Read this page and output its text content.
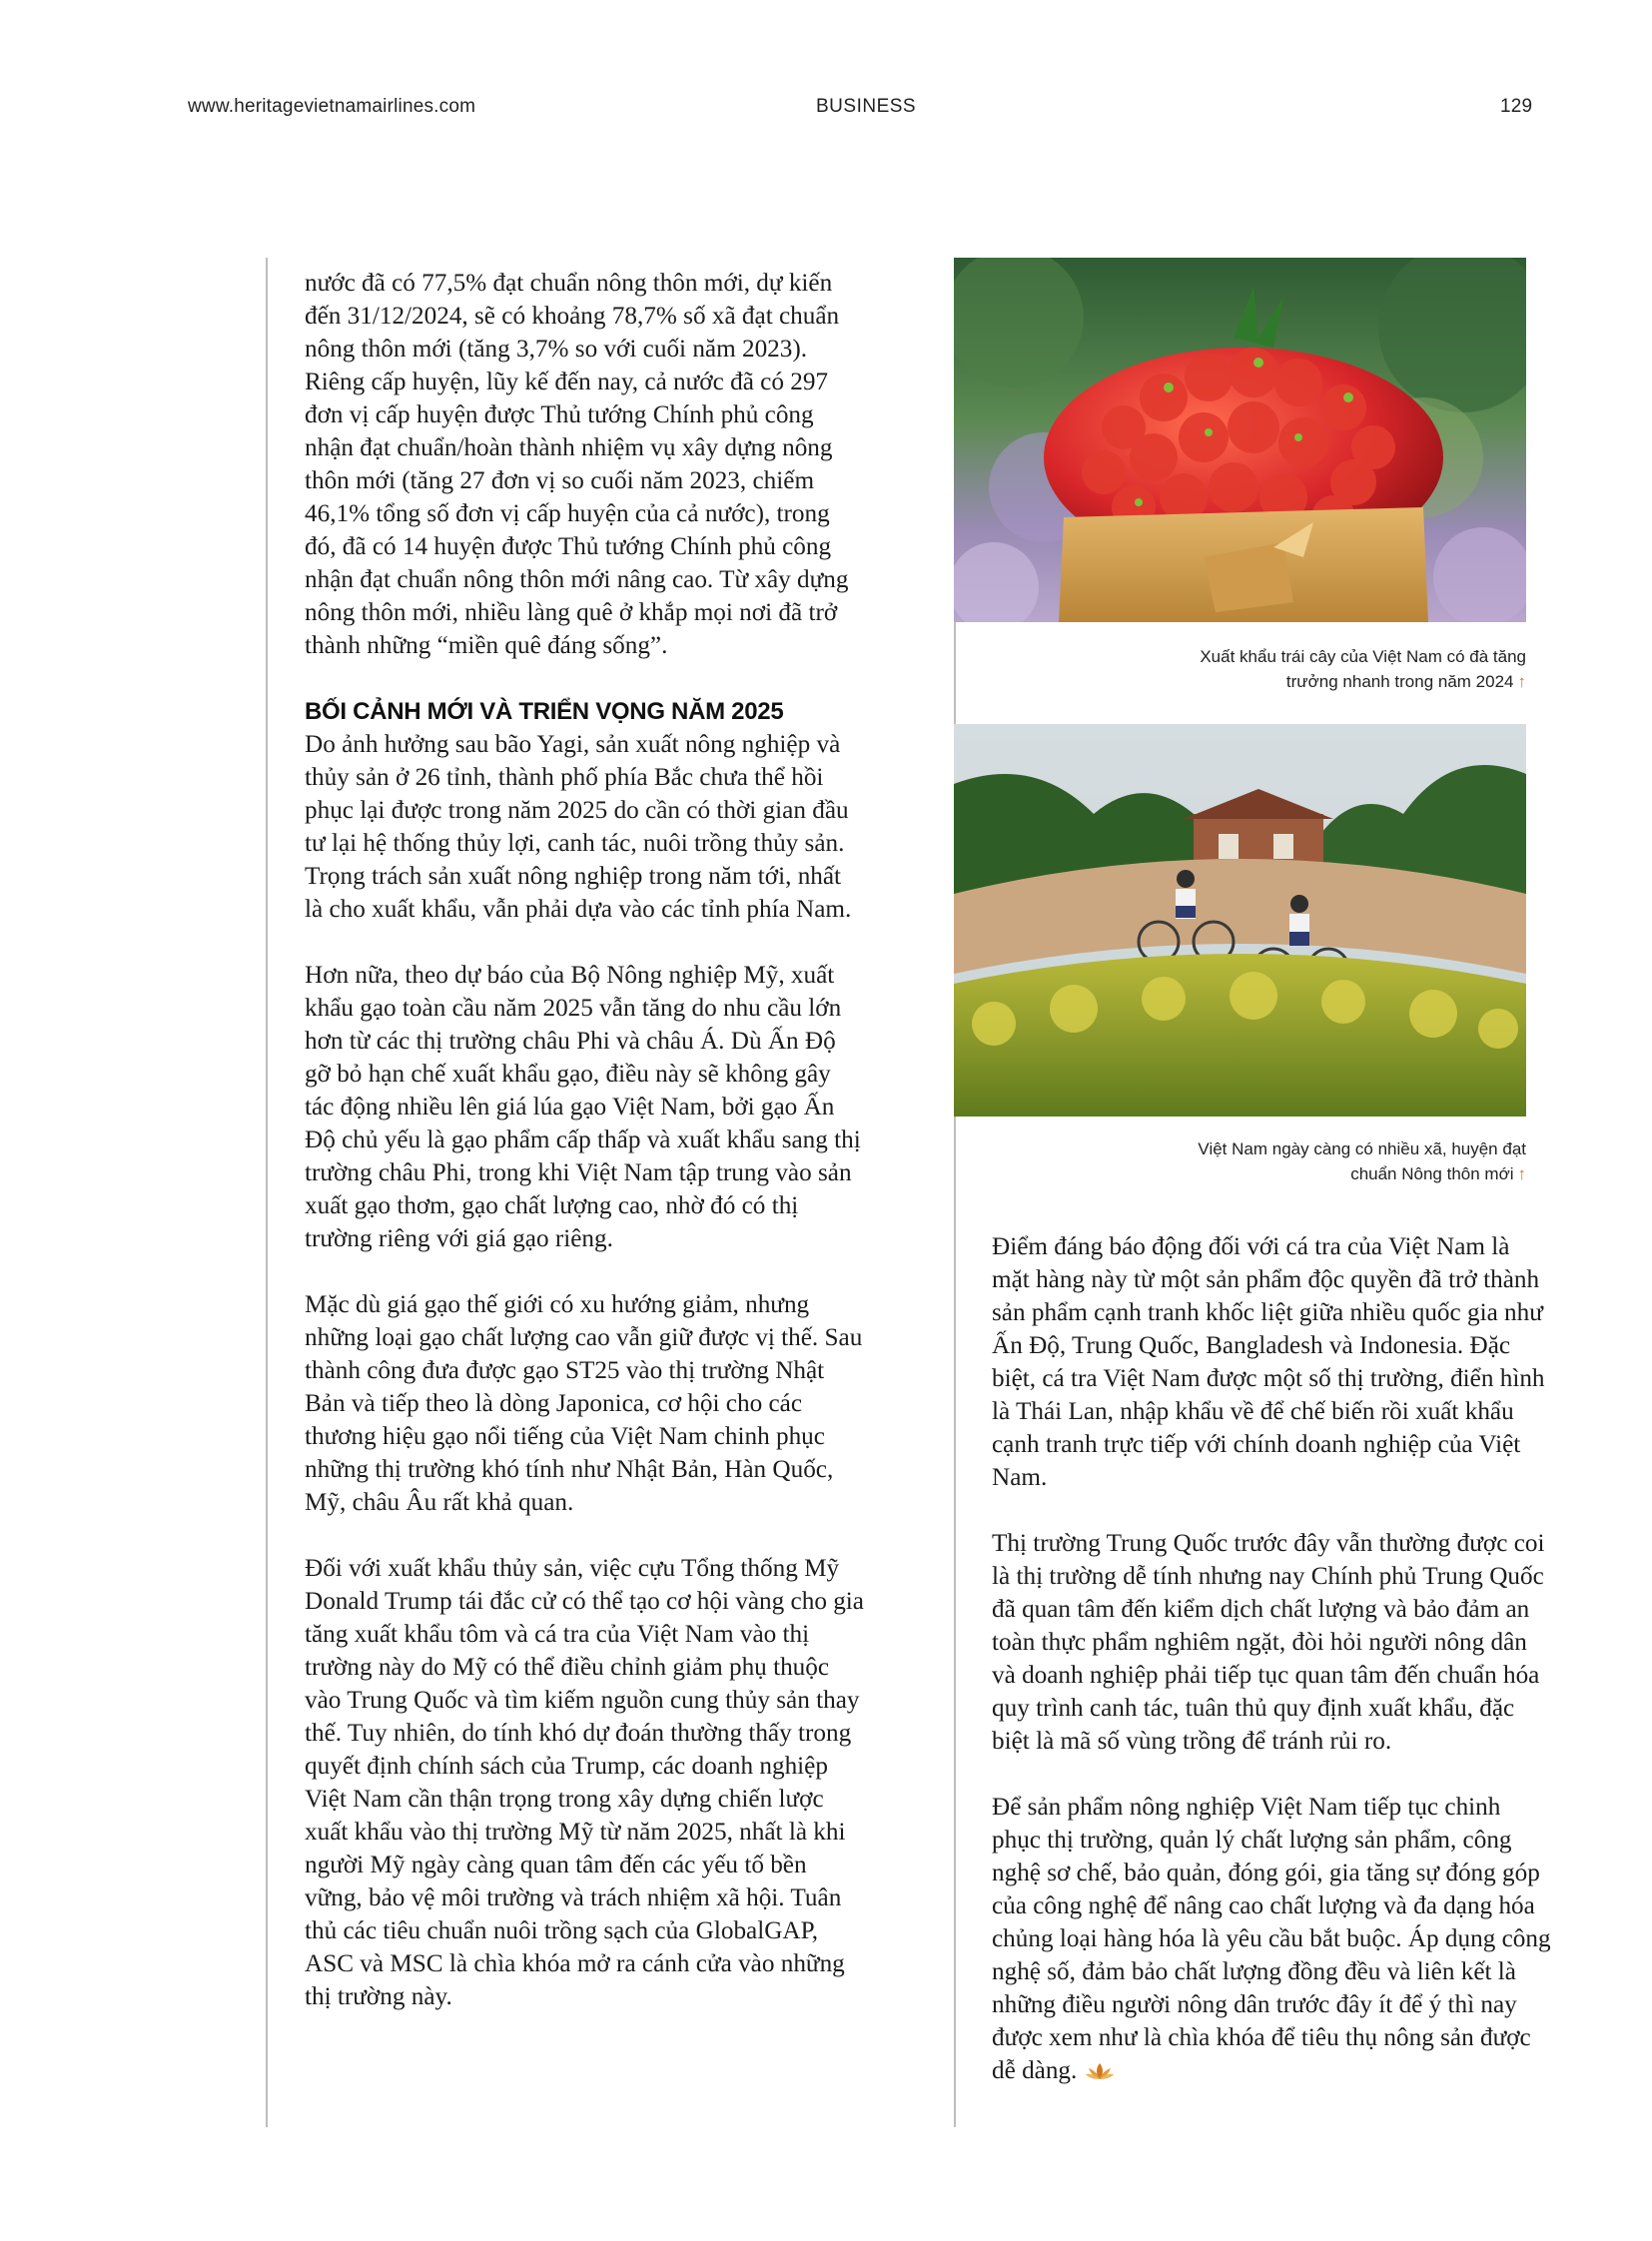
www.heritagevietnamairlines.com	BUSINESS	129

nước đã có 77,5% đạt chuẩn nông thôn mới, dự kiến đến 31/12/2024, sẽ có khoảng 78,7% số xã đạt chuẩn nông thôn mới (tăng 3,7% so với cuối năm 2023). Riêng cấp huyện, lũy kế đến nay, cả nước đã có 297 đơn vị cấp huyện được Thủ tướng Chính phủ công nhận đạt chuẩn/hoàn thành nhiệm vụ xây dựng nông thôn mới (tăng 27 đơn vị so cuối năm 2023, chiếm 46,1% tổng số đơn vị cấp huyện của cả nước), trong đó, đã có 14 huyện được Thủ tướng Chính phủ công nhận đạt chuẩn nông thôn mới nâng cao. Từ xây dựng nông thôn mới, nhiều làng quê ở khắp mọi nơi đã trở thành những “miền quê đáng sống”.

BỐI CẢNH MỚI VÀ TRIỂN VỌNG NĂM 2025

Do ảnh hưởng sau bão Yagi, sản xuất nông nghiệp và thủy sản ở 26 tỉnh, thành phố phía Bắc chưa thể hồi phục lại được trong năm 2025 do cần có thời gian đầu tư lại hệ thống thủy lợi, canh tác, nuôi trồng thủy sản. Trọng trách sản xuất nông nghiệp trong năm tới, nhất là cho xuất khẩu, vẫn phải dựa vào các tỉnh phía Nam.

Hơn nữa, theo dự báo của Bộ Nông nghiệp Mỹ, xuất khẩu gạo toàn cầu năm 2025 vẫn tăng do nhu cầu lớn hơn từ các thị trường châu Phi và châu Á. Dù Ấn Độ gỡ bỏ hạn chế xuất khẩu gạo, điều này sẽ không gây tác động nhiều lên giá lúa gạo Việt Nam, bởi gạo Ấn Độ chủ yếu là gạo phẩm cấp thấp và xuất khẩu sang thị trường châu Phi, trong khi Việt Nam tập trung vào sản xuất gạo thơm, gạo chất lượng cao, nhờ đó có thị trường riêng với giá gạo riêng.

Mặc dù giá gạo thế giới có xu hướng giảm, nhưng những loại gạo chất lượng cao vẫn giữ được vị thế. Sau thành công đưa được gạo ST25 vào thị trường Nhật Bản và tiếp theo là dòng Japonica, cơ hội cho các thương hiệu gạo nổi tiếng của Việt Nam chinh phục những thị trường khó tính như Nhật Bản, Hàn Quốc, Mỹ, châu Âu rất khả quan.

Đối với xuất khẩu thủy sản, việc cựu Tổng thống Mỹ Donald Trump tái đắc cử có thể tạo cơ hội vàng cho gia tăng xuất khẩu tôm và cá tra của Việt Nam vào thị trường này do Mỹ có thể điều chỉnh giảm phụ thuộc vào Trung Quốc và tìm kiếm nguồn cung thủy sản thay thế. Tuy nhiên, do tính khó dự đoán thường thấy trong quyết định chính sách của Trump, các doanh nghiệp Việt Nam cần thận trọng trong xây dựng chiến lược xuất khẩu vào thị trường Mỹ từ năm 2025, nhất là khi người Mỹ ngày càng quan tâm đến các yếu tố bền vững, bảo vệ môi trường và trách nhiệm xã hội. Tuân thủ các tiêu chuẩn nuôi trồng sạch của GlobalGAP, ASC và MSC là chìa khóa mở ra cánh cửa vào những thị trường này.

Xuất khẩu trái cây của Việt Nam có đà tăng trưởng nhanh trong năm 2024 ↑
Việt Nam ngày càng có nhiều xã, huyện đạt chuẩn Nông thôn mới ↑

Điểm đáng báo động đối với cá tra của Việt Nam là mặt hàng này từ một sản phẩm độc quyền đã trở thành sản phẩm cạnh tranh khốc liệt giữa nhiều quốc gia như Ấn Độ, Trung Quốc, Bangladesh và Indonesia. Đặc biệt, cá tra Việt Nam được một số thị trường, điển hình là Thái Lan, nhập khẩu về để chế biến rồi xuất khẩu cạnh tranh trực tiếp với chính doanh nghiệp của Việt Nam.

Thị trường Trung Quốc trước đây vẫn thường được coi là thị trường dễ tính nhưng nay Chính phủ Trung Quốc đã quan tâm đến kiểm dịch chất lượng và bảo đảm an toàn thực phẩm nghiêm ngặt, đòi hỏi người nông dân và doanh nghiệp phải tiếp tục quan tâm đến chuẩn hóa quy trình canh tác, tuân thủ quy định xuất khẩu, đặc biệt là mã số vùng trồng để tránh rủi ro.

Để sản phẩm nông nghiệp Việt Nam tiếp tục chinh phục thị trường, quản lý chất lượng sản phẩm, công nghệ sơ chế, bảo quản, đóng gói, gia tăng sự đóng góp của công nghệ để nâng cao chất lượng và đa dạng hóa chủng loại hàng hóa là yêu cầu bắt buộc. Áp dụng công nghệ số, đảm bảo chất lượng đồng đều và liên kết là những điều người nông dân trước đây ít để ý thì nay được xem như là chìa khóa để tiêu thụ nông sản được dễ dàng.
